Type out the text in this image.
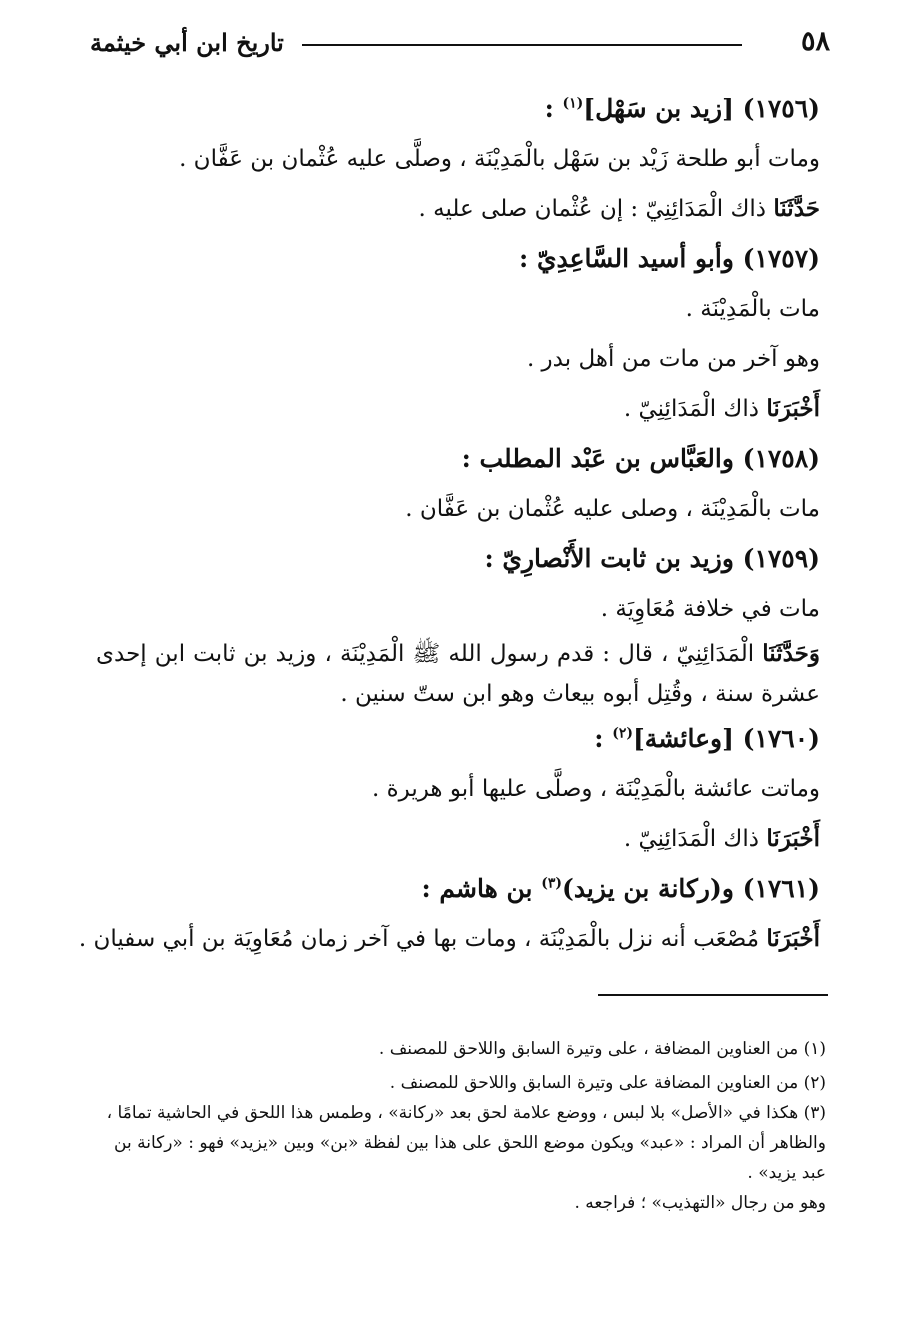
٥٨
تاريخ ابن أبي خيثمة
(١٧٥٦) [زيد بن سَهْل]$^{(١)}$ :
ومات أبو طلحة زَيْد بن سَهْل بالْمَدِيْنَة ، وصلَّى عليه عُثْمان بن عَفَّان .
حَدَّثَنَا ذاك الْمَدَائِنِيّ : إن عُثْمان صلى عليه .
(١٧٥٧) وأبو أسيد السَّاعِدِيّ :
مات بالْمَدِيْنَة .
وهو آخر من مات من أهل بدر .
أَخْبَرَنَا ذاك الْمَدَائِنِيّ .
(١٧٥٨) والعَبَّاس بن عَبْد المطلب :
مات بالْمَدِيْنَة ، وصلى عليه عُثْمان بن عَفَّان .
(١٧٥٩) وزيد بن ثابت الأَنْصارِيّ :
مات في خلافة مُعَاوِيَة .
وَحَدَّثَنَا الْمَدَائِنِيّ ، قال : قدم رسول الله ﷺ الْمَدِيْنَة ، وزيد بن ثابت ابن إحدى
عشرة سنة ، وقُتِل أبوه بيعاث وهو ابن ستّ سنين .
(١٧٦٠) [وعائشة]$^{(٢)}$ :
وماتت عائشة بالْمَدِيْنَة ، وصلَّى عليها أبو هريرة .
أَخْبَرَنَا ذاك الْمَدَائِنِيّ .
(١٧٦١) و(ركانة بن يزيد)$^{(٣)}$ بن هاشم :
أَخْبَرَنَا مُصْعَب أنه نزل بالْمَدِيْنَة ، ومات بها في آخر زمان مُعَاوِيَة بن أبي سفيان .
(١) من العناوين المضافة ، على وتيرة السابق واللاحق للمصنف .
(٢) من العناوين المضافة على وتيرة السابق واللاحق للمصنف .
(٣) هكذا في «الأصل» بلا لبس ، ووضع علامة لحق بعد «ركانة» ، وطمس هذا اللحق في الحاشية تمامًا ،
والظاهر أن المراد : «عبد» ويكون موضع اللحق على هذا بين لفظة «بن» وبين «يزيد» فهو : «ركانة بن
عبد يزيد» .
وهو من رجال «التهذيب» ؛ فراجعه .
